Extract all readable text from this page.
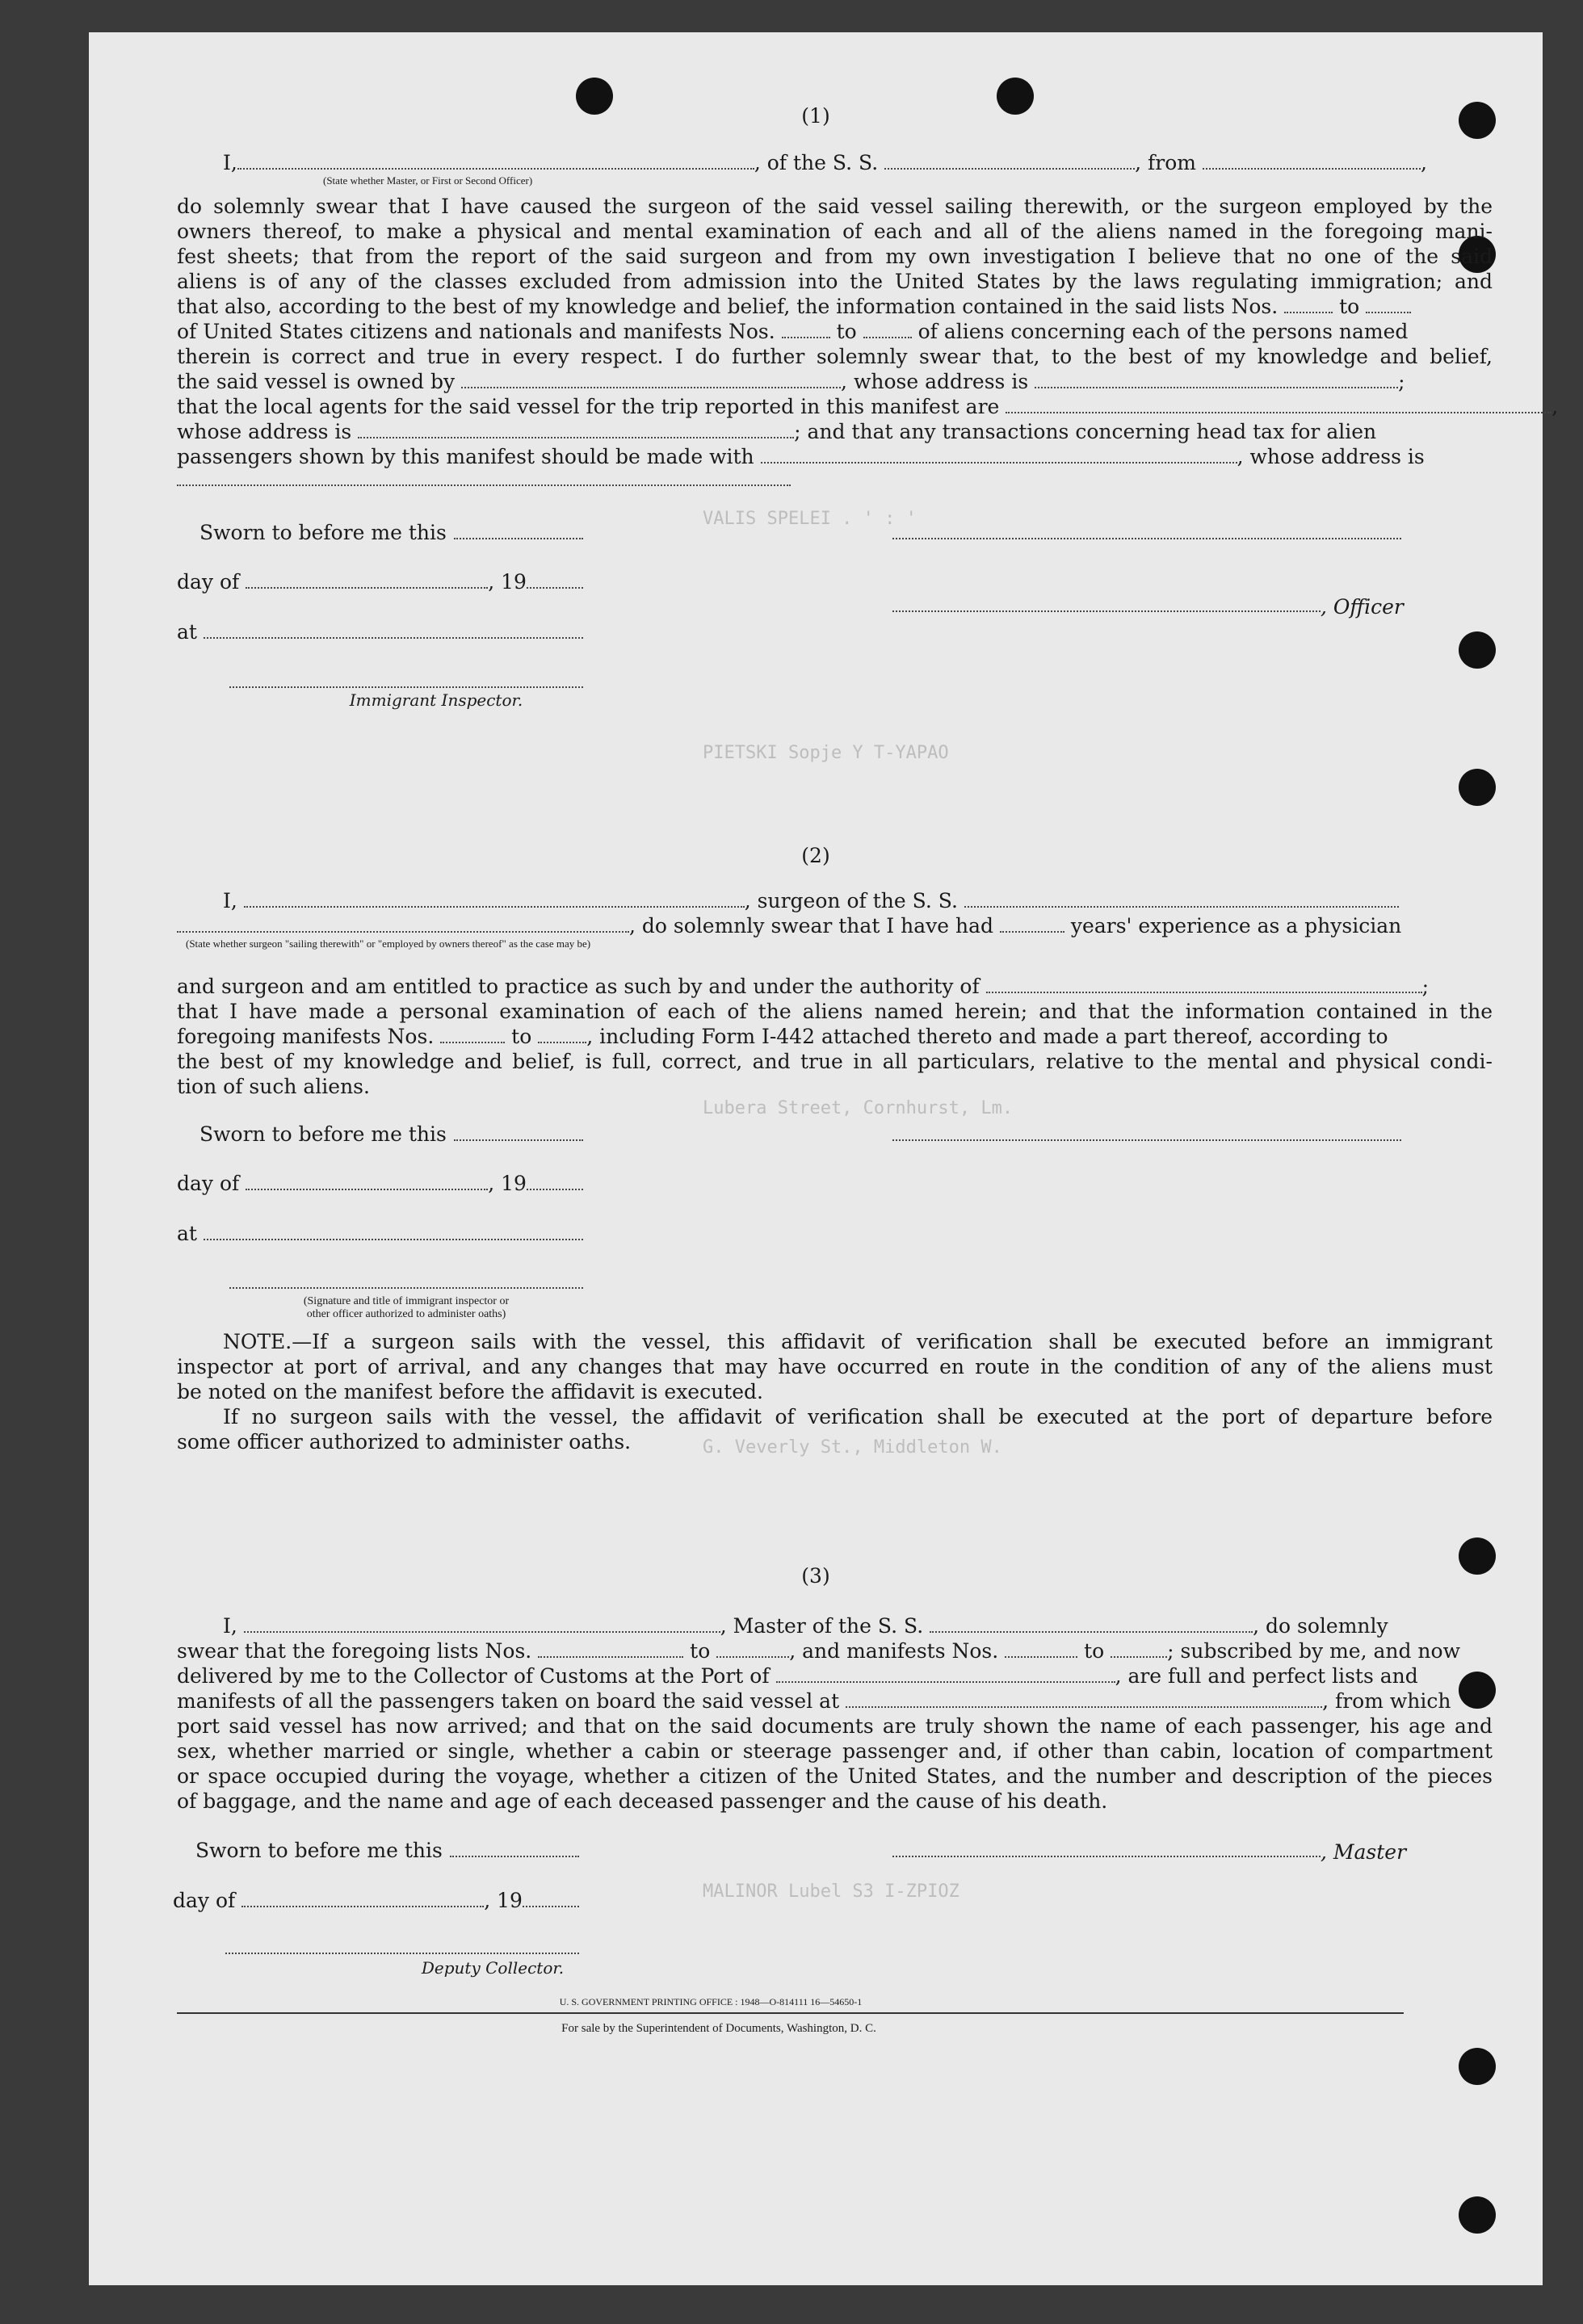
VALIS SPELEI . ' : '
PIETSKI Sopje Y T-YAPAO
Lubera Street, Cornhurst, Lm.
G. Veverly St., Middleton W.
MALINOR Lubel S3 I-ZPIOZ
(1)
I,	, of the S. S.	, from	,
(State whether Master, or First or Second Officer)
do solemnly swear that I have caused the surgeon of the said vessel sailing therewith, or the surgeon employed by the
owners thereof, to make a physical and mental examination of each and all of the aliens named in the foregoing mani-
fest sheets; that from the report of the said surgeon and from my own investigation I believe that no one of the said
aliens is of any of the classes excluded from admission into the United States by the laws regulating immigration; and
that also, according to the best of my knowledge and belief, the information contained in the said lists Nos.	to
of United States citizens and nationals and manifests Nos.	to	of aliens concerning each of the persons named
therein is correct and true in every respect. I do further solemnly swear that, to the best of my knowledge and belief,
the said vessel is owned by	, whose address is	;
that the local agents for the said vessel for the trip reported in this manifest are	,
whose address is	; and that any transactions concerning head tax for alien
passengers shown by this manifest should be made with	, whose address is
Sworn to before me this
day of	, 19
, Officer
at
Immigrant Inspector.
(2)
I,	, surgeon of the S. S.
, do solemnly swear that I have had	years' experience as a physician
(State whether surgeon "sailing therewith" or "employed by owners thereof" as the case may be)
and surgeon and am entitled to practice as such by and under the authority of	;
that I have made a personal examination of each of the aliens named herein; and that the information contained in the
foregoing manifests Nos.	to	, including Form I-442 attached thereto and made a part thereof, according to
the best of my knowledge and belief, is full, correct, and true in all particulars, relative to the mental and physical condi-
tion of such aliens.
Sworn to before me this
day of	, 19
at
(Signature and title of immigrant inspector or
other officer authorized to administer oaths)
NOTE.—If a surgeon sails with the vessel, this affidavit of verification shall be executed before an immigrant
inspector at port of arrival, and any changes that may have occurred en route in the condition of any of the aliens must
be noted on the manifest before the affidavit is executed.
If no surgeon sails with the vessel, the affidavit of verification shall be executed at the port of departure before
some officer authorized to administer oaths.
(3)
I,	, Master of the S. S.	, do solemnly
swear that the foregoing lists Nos.	to	, and manifests Nos.	to	; subscribed by me, and now
delivered by me to the Collector of Customs at the Port of	, are full and perfect lists and
manifests of all the passengers taken on board the said vessel at	, from which
port said vessel has now arrived; and that on the said documents are truly shown the name of each passenger, his age and
sex, whether married or single, whether a cabin or steerage passenger and, if other than cabin, location of compartment
or space occupied during the voyage, whether a citizen of the United States, and the number and description of the pieces
of baggage, and the name and age of each deceased passenger and the cause of his death.
Sworn to before me this	, Master
day of	, 19
Deputy Collector.
U. S. GOVERNMENT PRINTING OFFICE : 1948—O-814111 16—54650-1
For sale by the Superintendent of Documents, Washington, D. C.
